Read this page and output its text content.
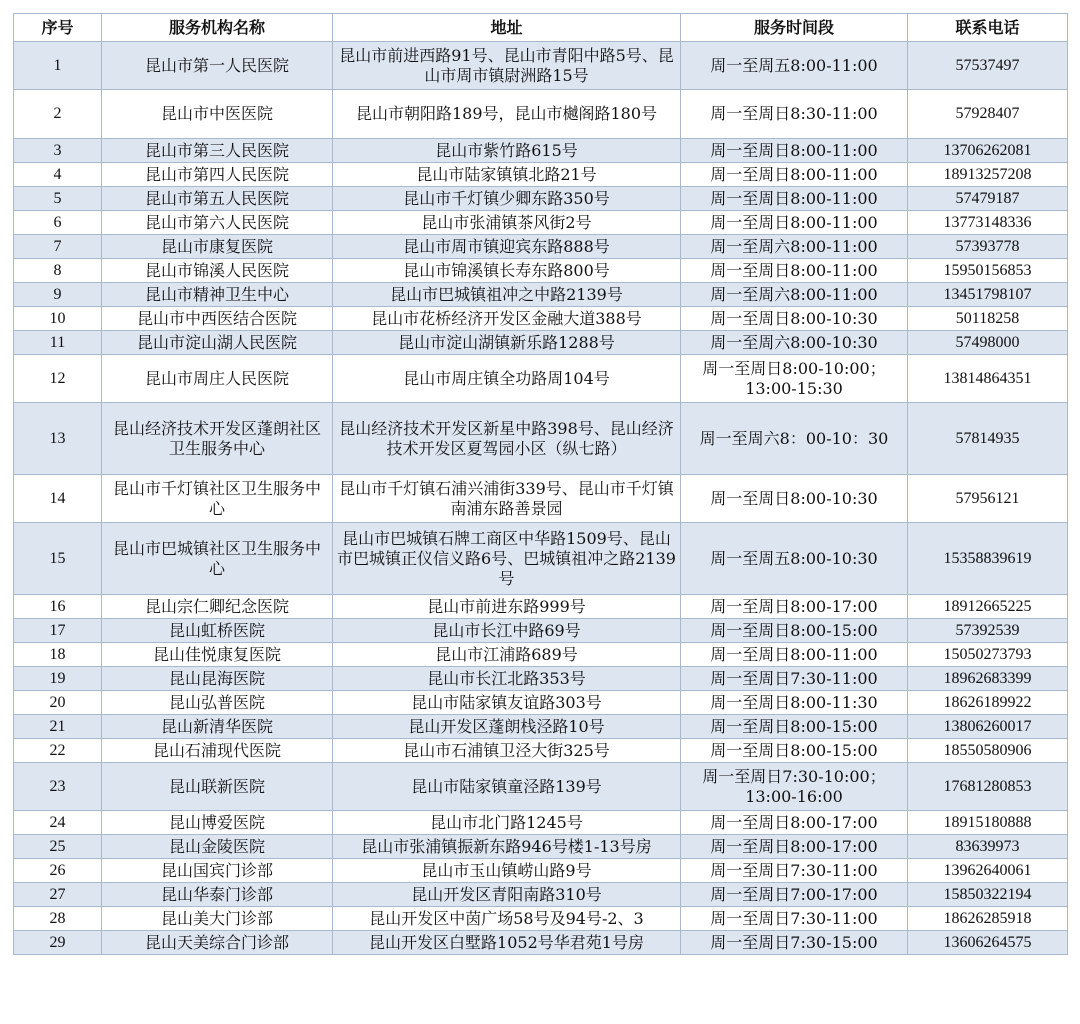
序号	服务机构名称	地址	服务时间段	联系电话
1	昆山市第一人民医院	昆山市前进西路91号、昆山市青阳中路5号、昆山市周市镇尉洲路15号	周一至周五8:00-11:00	57537497
2	昆山市中医医院	昆山市朝阳路189号，昆山市樾阁路180号	周一至周日8:30-11:00	57928407
3	昆山市第三人民医院	昆山市紫竹路615号	周一至周日8:00-11:00	13706262081
4	昆山市第四人民医院	昆山市陆家镇镇北路21号	周一至周日8:00-11:00	18913257208
5	昆山市第五人民医院	昆山市千灯镇少卿东路350号	周一至周日8:00-11:00	57479187
6	昆山市第六人民医院	昆山市张浦镇茶风街2号	周一至周日8:00-11:00	13773148336
7	昆山市康复医院	昆山市周市镇迎宾东路888号	周一至周六8:00-11:00	57393778
8	昆山市锦溪人民医院	昆山市锦溪镇长寿东路800号	周一至周日8:00-11:00	15950156853
9	昆山市精神卫生中心	昆山市巴城镇祖冲之中路2139号	周一至周六8:00-11:00	13451798107
10	昆山市中西医结合医院	昆山市花桥经济开发区金融大道388号	周一至周日8:00-10:30	50118258
11	昆山市淀山湖人民医院	昆山市淀山湖镇新乐路1288号	周一至周六8:00-10:30	57498000
12	昆山市周庄人民医院	昆山市周庄镇全功路周104号	周一至周日8:00-10:00；13:00-15:30	13814864351
13	昆山经济技术开发区蓬朗社区卫生服务中心	昆山经济技术开发区新星中路398号、昆山经济技术开发区夏驾园小区（纵七路）	周一至周六8：00-10：30	57814935
14	昆山市千灯镇社区卫生服务中心	昆山市千灯镇石浦兴浦街339号、昆山市千灯镇南浦东路善景园	周一至周日8:00-10:30	57956121
15	昆山市巴城镇社区卫生服务中心	昆山市巴城镇石牌工商区中华路1509号、昆山市巴城镇正仪信义路6号、巴城镇祖冲之路2139号	周一至周五8:00-10:30	15358839619
16	昆山宗仁卿纪念医院	昆山市前进东路999号	周一至周日8:00-17:00	18912665225
17	昆山虹桥医院	昆山市长江中路69号	周一至周日8:00-15:00	57392539
18	昆山佳悦康复医院	昆山市江浦路689号	周一至周日8:00-11:00	15050273793
19	昆山昆海医院	昆山市长江北路353号	周一至周日7:30-11:00	18962683399
20	昆山弘普医院	昆山市陆家镇友谊路303号	周一至周日8:00-11:30	18626189922
21	昆山新清华医院	昆山开发区蓬朗栈泾路10号	周一至周日8:00-15:00	13806260017
22	昆山石浦现代医院	昆山市石浦镇卫泾大街325号	周一至周日8:00-15:00	18550580906
23	昆山联新医院	昆山市陆家镇童泾路139号	周一至周日7:30-10:00；13:00-16:00	17681280853
24	昆山博爱医院	昆山市北门路1245号	周一至周日8:00-17:00	18915180888
25	昆山金陵医院	昆山市张浦镇振新东路946号楼1-13号房	周一至周日8:00-17:00	83639973
26	昆山国宾门诊部	昆山市玉山镇崂山路9号	周一至周日7:30-11:00	13962640061
27	昆山华泰门诊部	昆山开发区青阳南路310号	周一至周日7:00-17:00	15850322194
28	昆山美大门诊部	昆山开发区中茵广场58号及94号-2、3	周一至周日7:30-11:00	18626285918
29	昆山天美综合门诊部	昆山开发区白墅路1052号华君苑1号房	周一至周日7:30-15:00	13606264575
